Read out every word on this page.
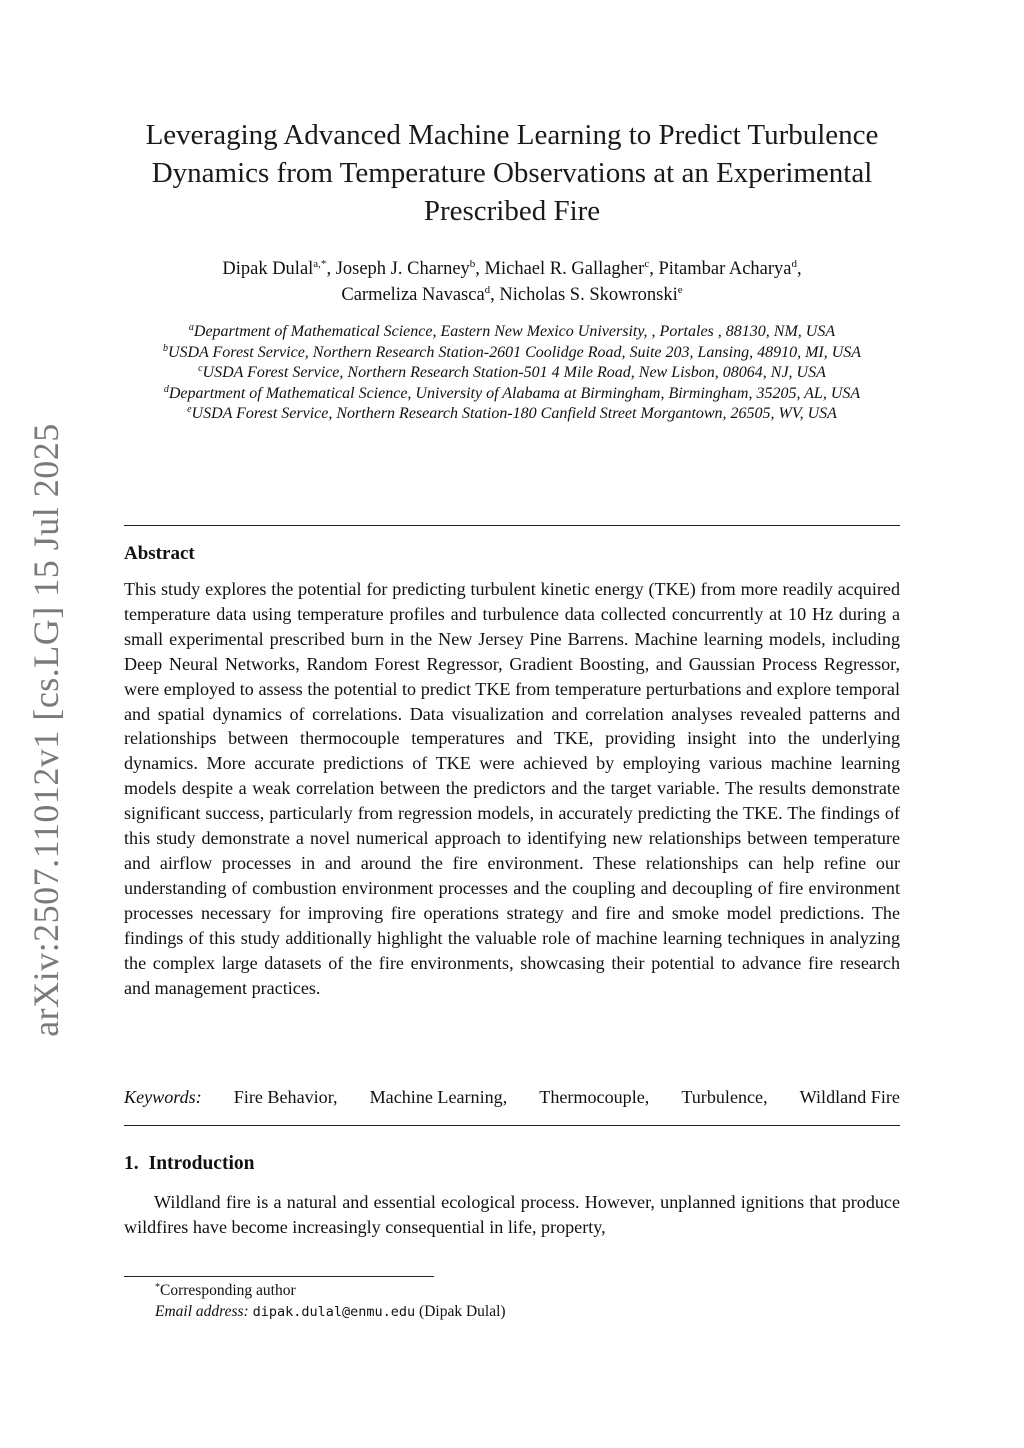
arXiv:2507.11012v1 [cs.LG] 15 Jul 2025
Leveraging Advanced Machine Learning to Predict Turbulence Dynamics from Temperature Observations at an Experimental Prescribed Fire
Dipak Dulal$^{a,*}$, Joseph J. Charney$^b$, Michael R. Gallagher$^c$, Pitambar Acharya$^d$,
Carmeliza Navasca$^d$, Nicholas S. Skowronski$^e$

$^a$Department of Mathematical Science, Eastern New Mexico University, , Portales , 88130, NM, USA

$^b$USDA Forest Service, Northern Research Station-2601 Coolidge Road, Suite 203, Lansing, 48910, MI, USA

$^c$USDA Forest Service, Northern Research Station-501 4 Mile Road, New Lisbon, 08064, NJ, USA

$^d$Department of Mathematical Science, University of Alabama at Birmingham, Birmingham, 35205, AL, USA

$^e$USDA Forest Service, Northern Research Station-180 Canfield Street Morgantown, 26505, WV, USA

Abstract

This study explores the potential for predicting turbulent kinetic energy (TKE) from more readily acquired temperature data using temperature profiles and turbulence data collected concurrently at 10 Hz during a small experimental prescribed burn in the New Jersey Pine Barrens. Machine learning models, including Deep Neural Networks, Random Forest Regressor, Gradient Boosting, and Gaussian Process Regressor, were employed to assess the potential to predict TKE from temperature perturbations and explore temporal and spatial dynamics of correlations. Data visualization and correlation analyses revealed patterns and relationships between thermocouple temperatures and TKE, providing insight into the underlying dynamics. More accurate predictions of TKE were achieved by employing various machine learning models despite a weak correlation between the predictors and the target variable. The results demonstrate significant success, particularly from regression models, in accurately predicting the TKE. The findings of this study demonstrate a novel numerical approach to identifying new relationships between temperature and airflow processes in and around the fire environment. These relationships can help refine our understanding of combustion environment processes and the coupling and decoupling of fire environment processes necessary for improving fire operations strategy and fire and smoke model predictions. The findings of this study additionally highlight the valuable role of machine learning techniques in analyzing the complex large datasets of the fire environments, showcasing their potential to advance fire research and management practices.

Keywords: Fire Behavior, Machine Learning, Thermocouple, Turbulence, Wildland Fire
1. Introduction

Wildland fire is a natural and essential ecological process. However, unplanned ignitions that produce wildfires have become increasingly consequential in life, property,

*Corresponding author
Email address: dipak.dulal@enmu.edu (Dipak Dulal)
